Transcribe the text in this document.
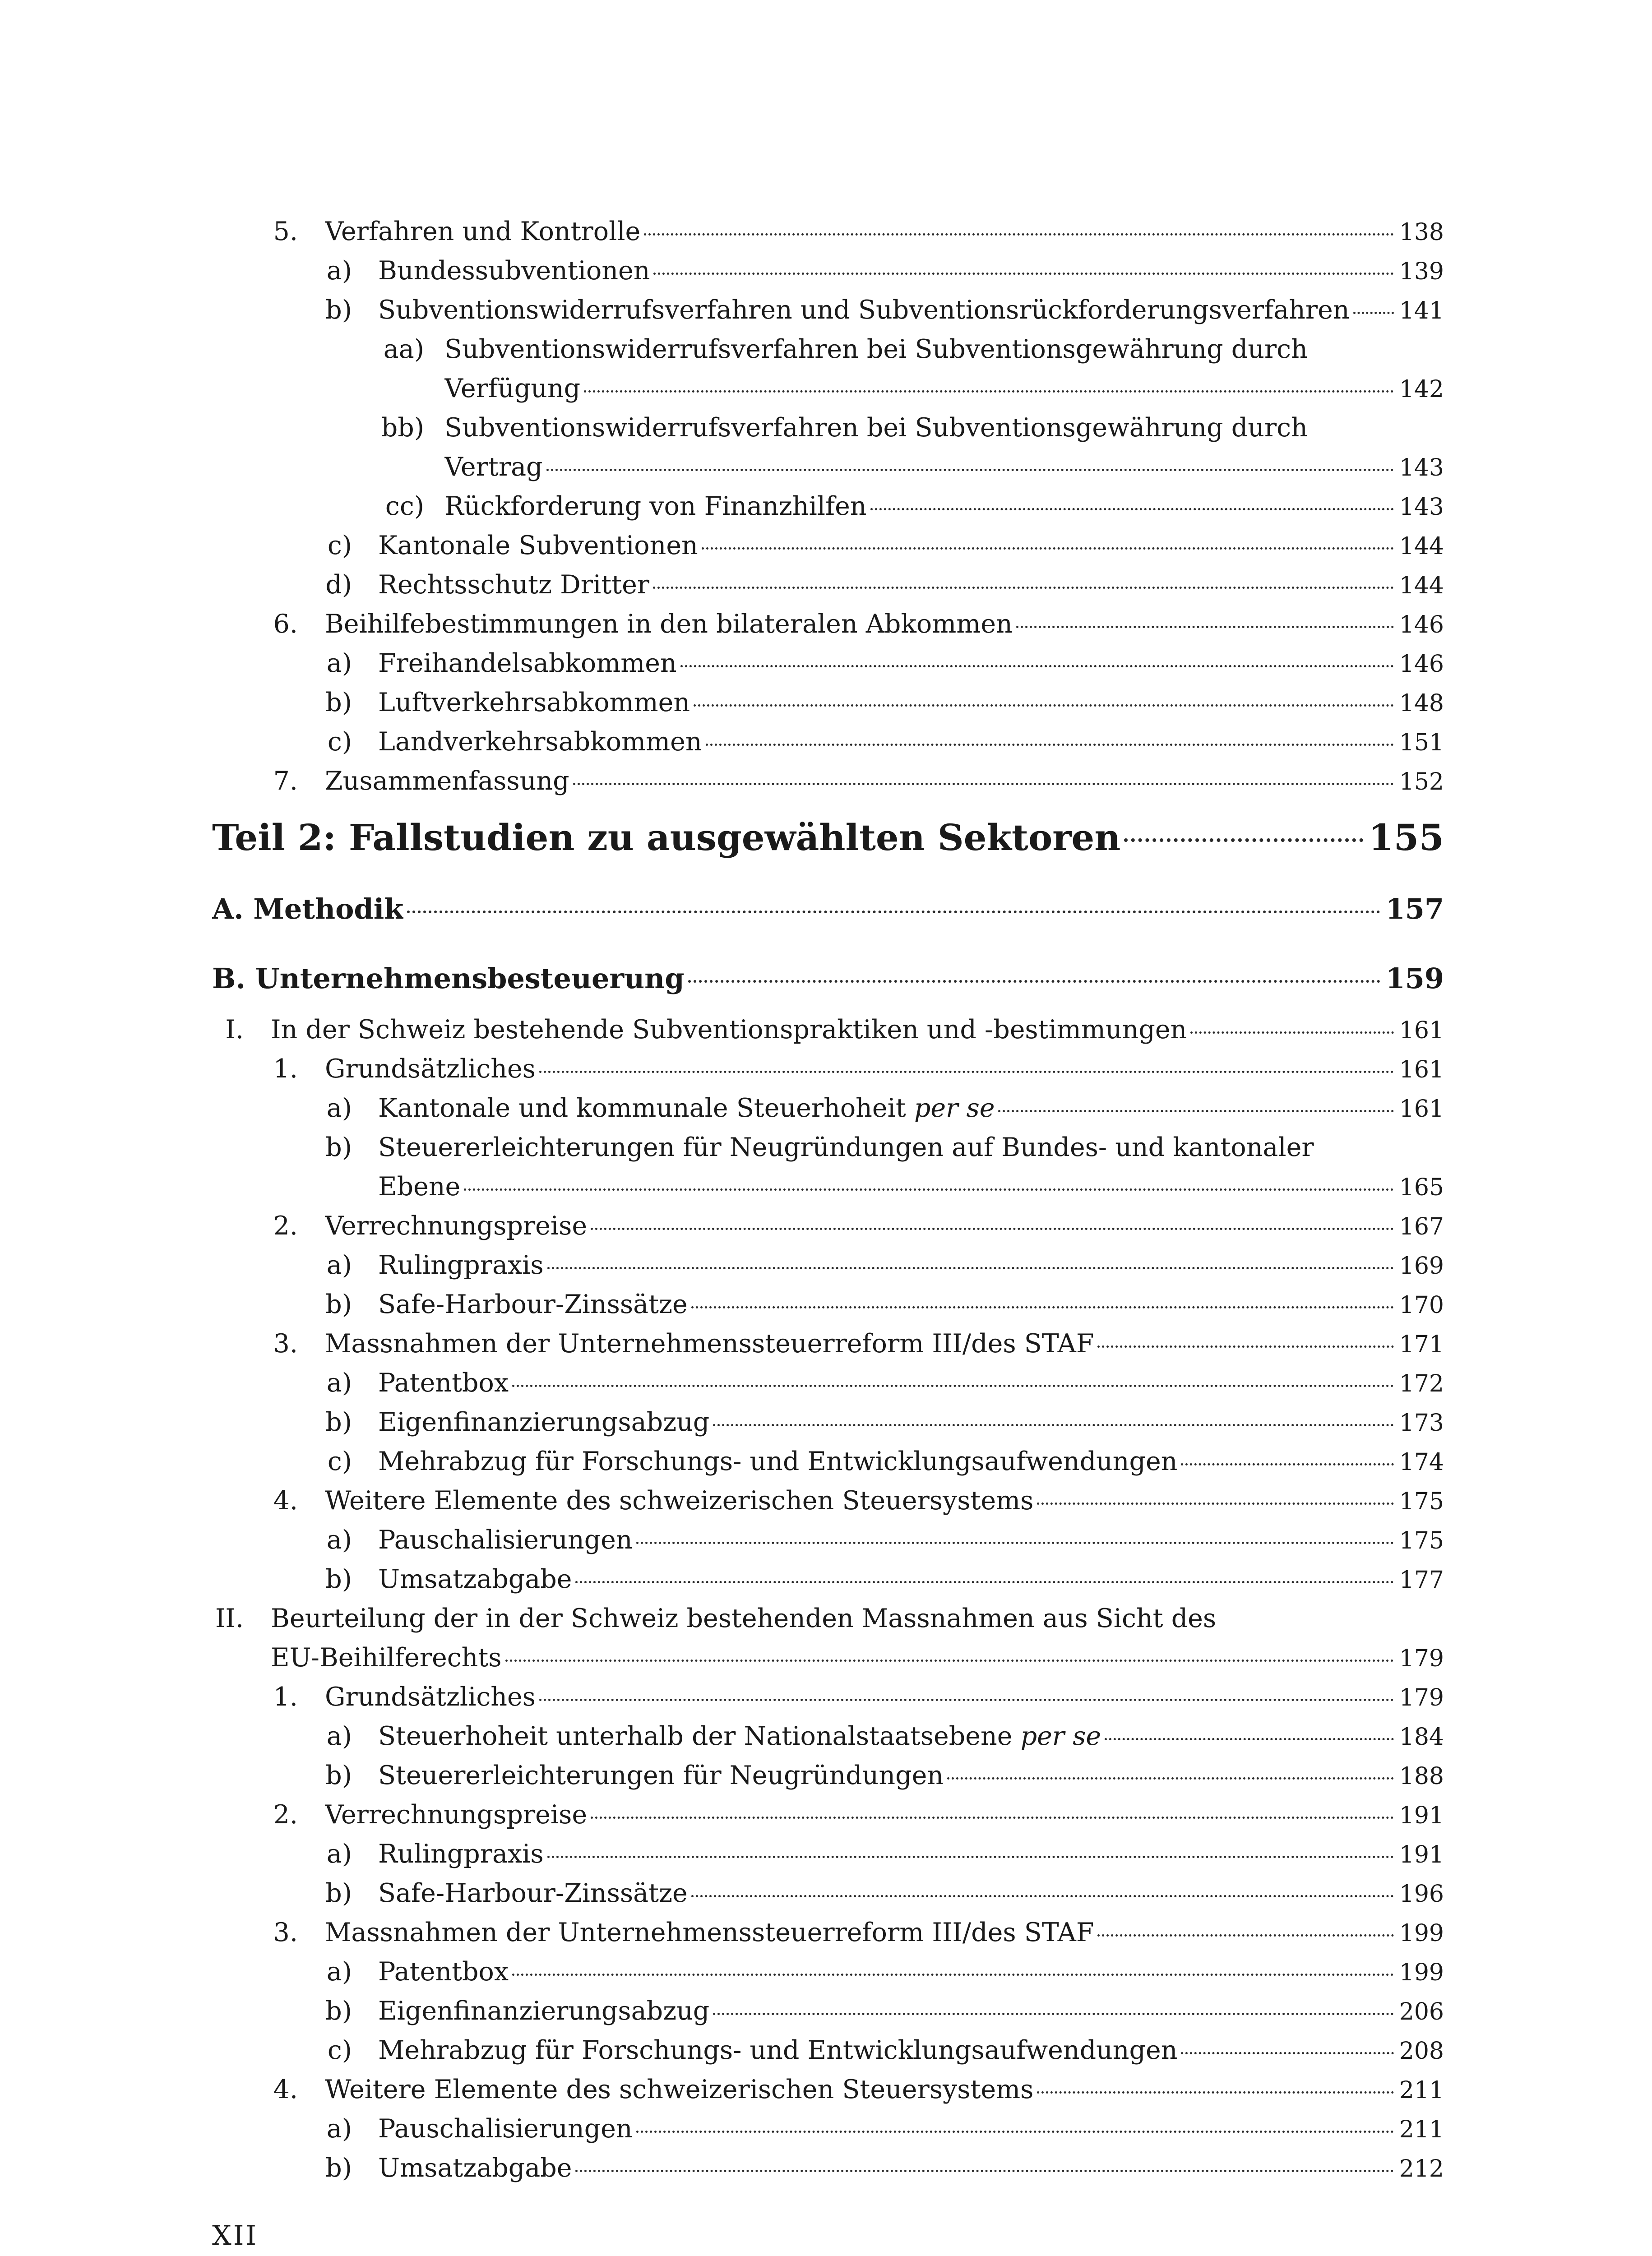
5. Verfahren und Kontrolle	138
a) Bundessubventionen	139
b) Subventionswiderrufsverfahren und Subventionsrückforderungsverfahren 141
aa) Subventionswiderrufsverfahren bei Subventionsgewährung durch
Verfügung	142
bb) Subventionswiderrufsverfahren bei Subventionsgewährung durch
Vertrag	143
cc) Rückforderung von Finanzhilfen	143
c) Kantonale Subventionen	144
d) Rechtsschutz Dritter	144
6. Beihilfebestimmungen in den bilateralen Abkommen	146
a) Freihandelsabkommen	146
b) Luftverkehrsabkommen	148
c) Landverkehrsabkommen	151
7. Zusammenfassung	152
Teil 2: Fallstudien zu ausgewählten Sektoren	155
A. Methodik	157
B. Unternehmensbesteuerung	159
I. In der Schweiz bestehende Subventionspraktiken und -bestimmungen	161
1. Grundsätzliches	161
a) Kantonale und kommunale Steuerhoheit per se	161
b) Steuererleichterungen für Neugründungen auf Bundes- und kantonaler
Ebene	165
2. Verrechnungspreise	167
a) Rulingpraxis	169
b) Safe-Harbour-Zinssätze	170
3. Massnahmen der Unternehmenssteuerreform III/des STAF	171
a) Patentbox	172
b) Eigenfinanzierungsabzug	173
c) Mehrabzug für Forschungs- und Entwicklungsaufwendungen	174
4. Weitere Elemente des schweizerischen Steuersystems	175
a) Pauschalisierungen	175
b) Umsatzabgabe	177
II. Beurteilung der in der Schweiz bestehenden Massnahmen aus Sicht des
EU-Beihilferechts	179
1. Grundsätzliches	179
a) Steuerhoheit unterhalb der Nationalstaatsebene per se	184
b) Steuererleichterungen für Neugründungen	188
2. Verrechnungspreise	191
a) Rulingpraxis	191
b) Safe-Harbour-Zinssätze	196
3. Massnahmen der Unternehmenssteuerreform III/des STAF	199
a) Patentbox	199
b) Eigenfinanzierungsabzug	206
c) Mehrabzug für Forschungs- und Entwicklungsaufwendungen	208
4. Weitere Elemente des schweizerischen Steuersystems	211
a) Pauschalisierungen	211
b) Umsatzabgabe	212
XII
